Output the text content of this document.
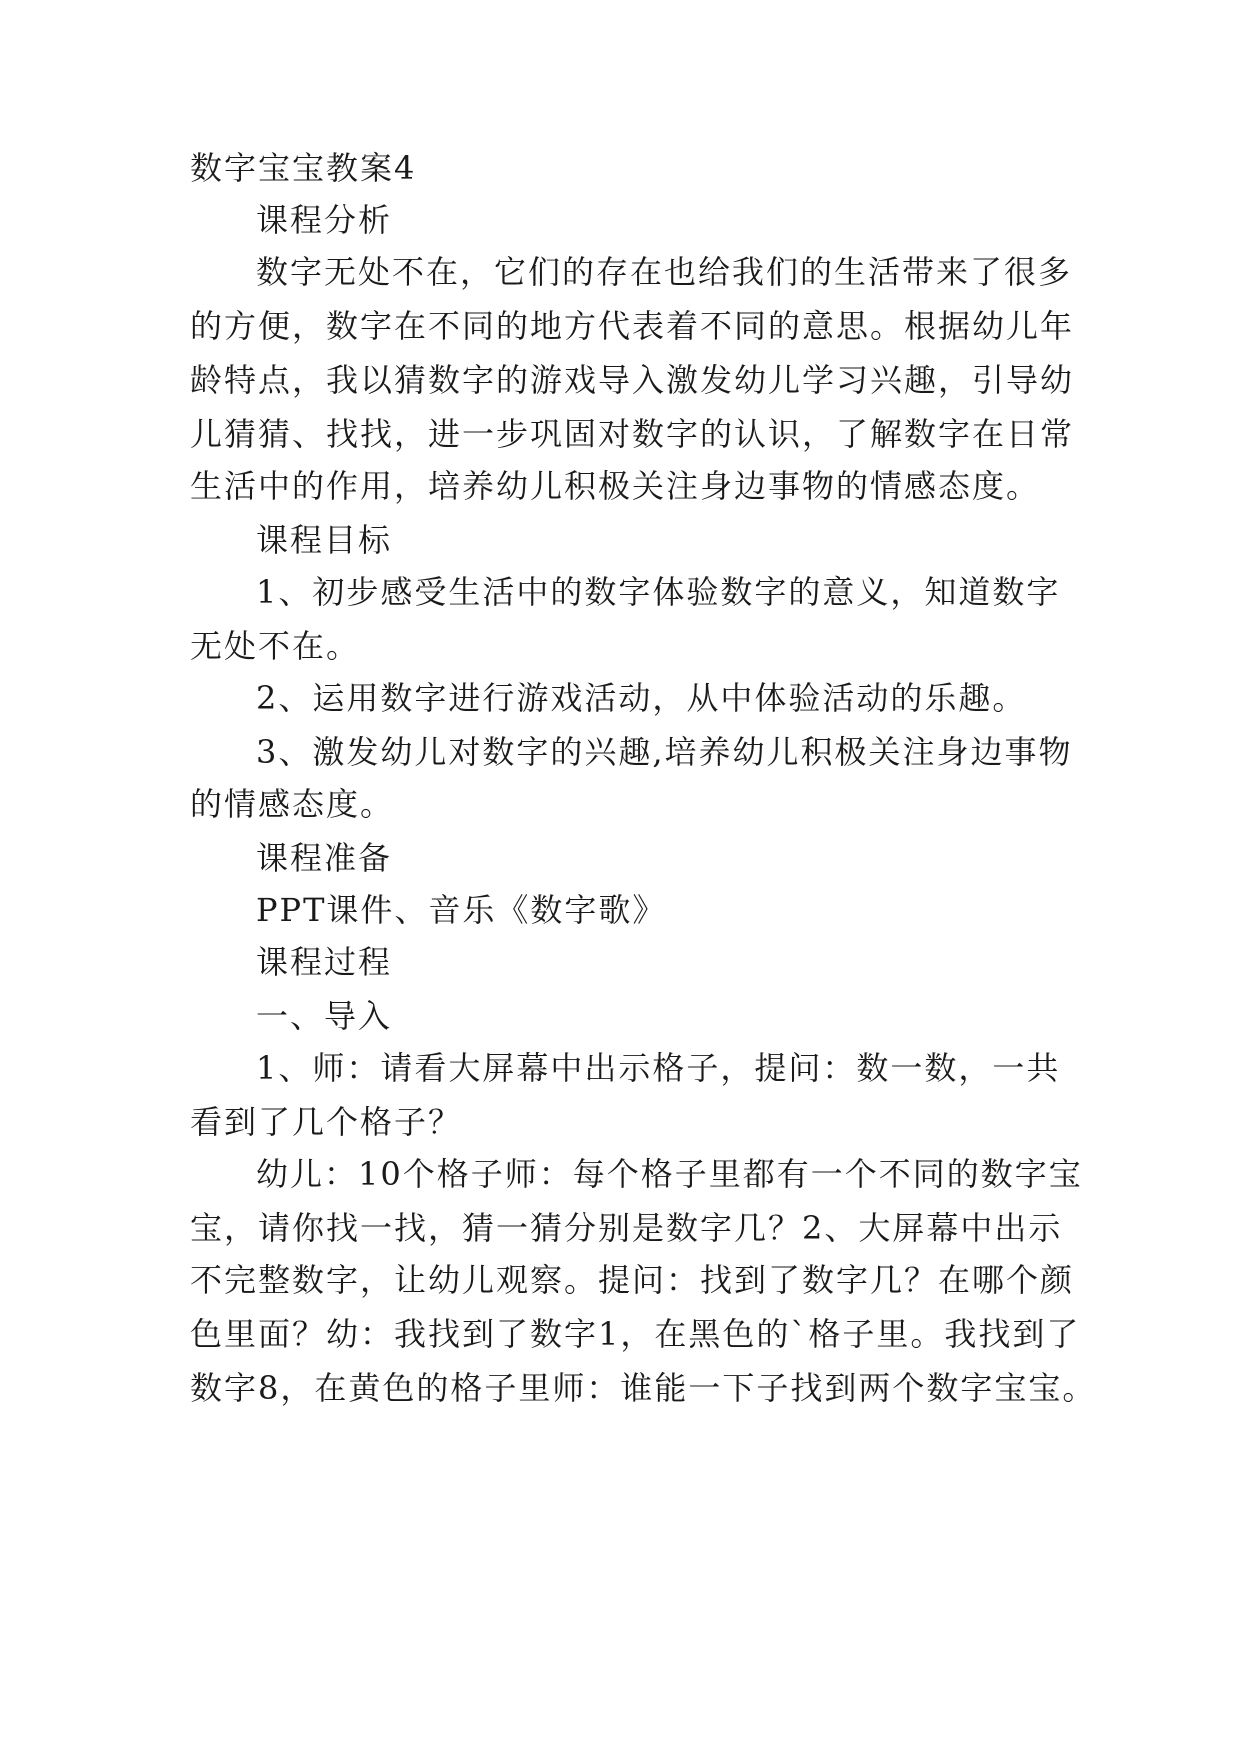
数字宝宝教案4
课程分析
数字无处不在，它们的存在也给我们的生活带来了很多
的方便，数字在不同的地方代表着不同的意思。根据幼儿年
龄特点，我以猜数字的游戏导入激发幼儿学习兴趣，引导幼
儿猜猜、找找，进一步巩固对数字的认识，了解数字在日常
生活中的作用，培养幼儿积极关注身边事物的情感态度。
课程目标
1、初步感受生活中的数字体验数字的意义，知道数字
无处不在。
2、运用数字进行游戏活动，从中体验活动的乐趣。
3、激发幼儿对数字的兴趣,培养幼儿积极关注身边事物
的情感态度。
课程准备
PPT课件、音乐《数字歌》
课程过程
一、导入
1、师：请看大屏幕中出示格子，提问：数一数，一共
看到了几个格子？
幼儿：10个格子师：每个格子里都有一个不同的数字宝
宝，请你找一找，猜一猜分别是数字几？2、大屏幕中出示
不完整数字，让幼儿观察。提问：找到了数字几？在哪个颜
色里面？幼：我找到了数字1，在黑色的`格子里。我找到了
数字8，在黄色的格子里师：谁能一下子找到两个数字宝宝。
